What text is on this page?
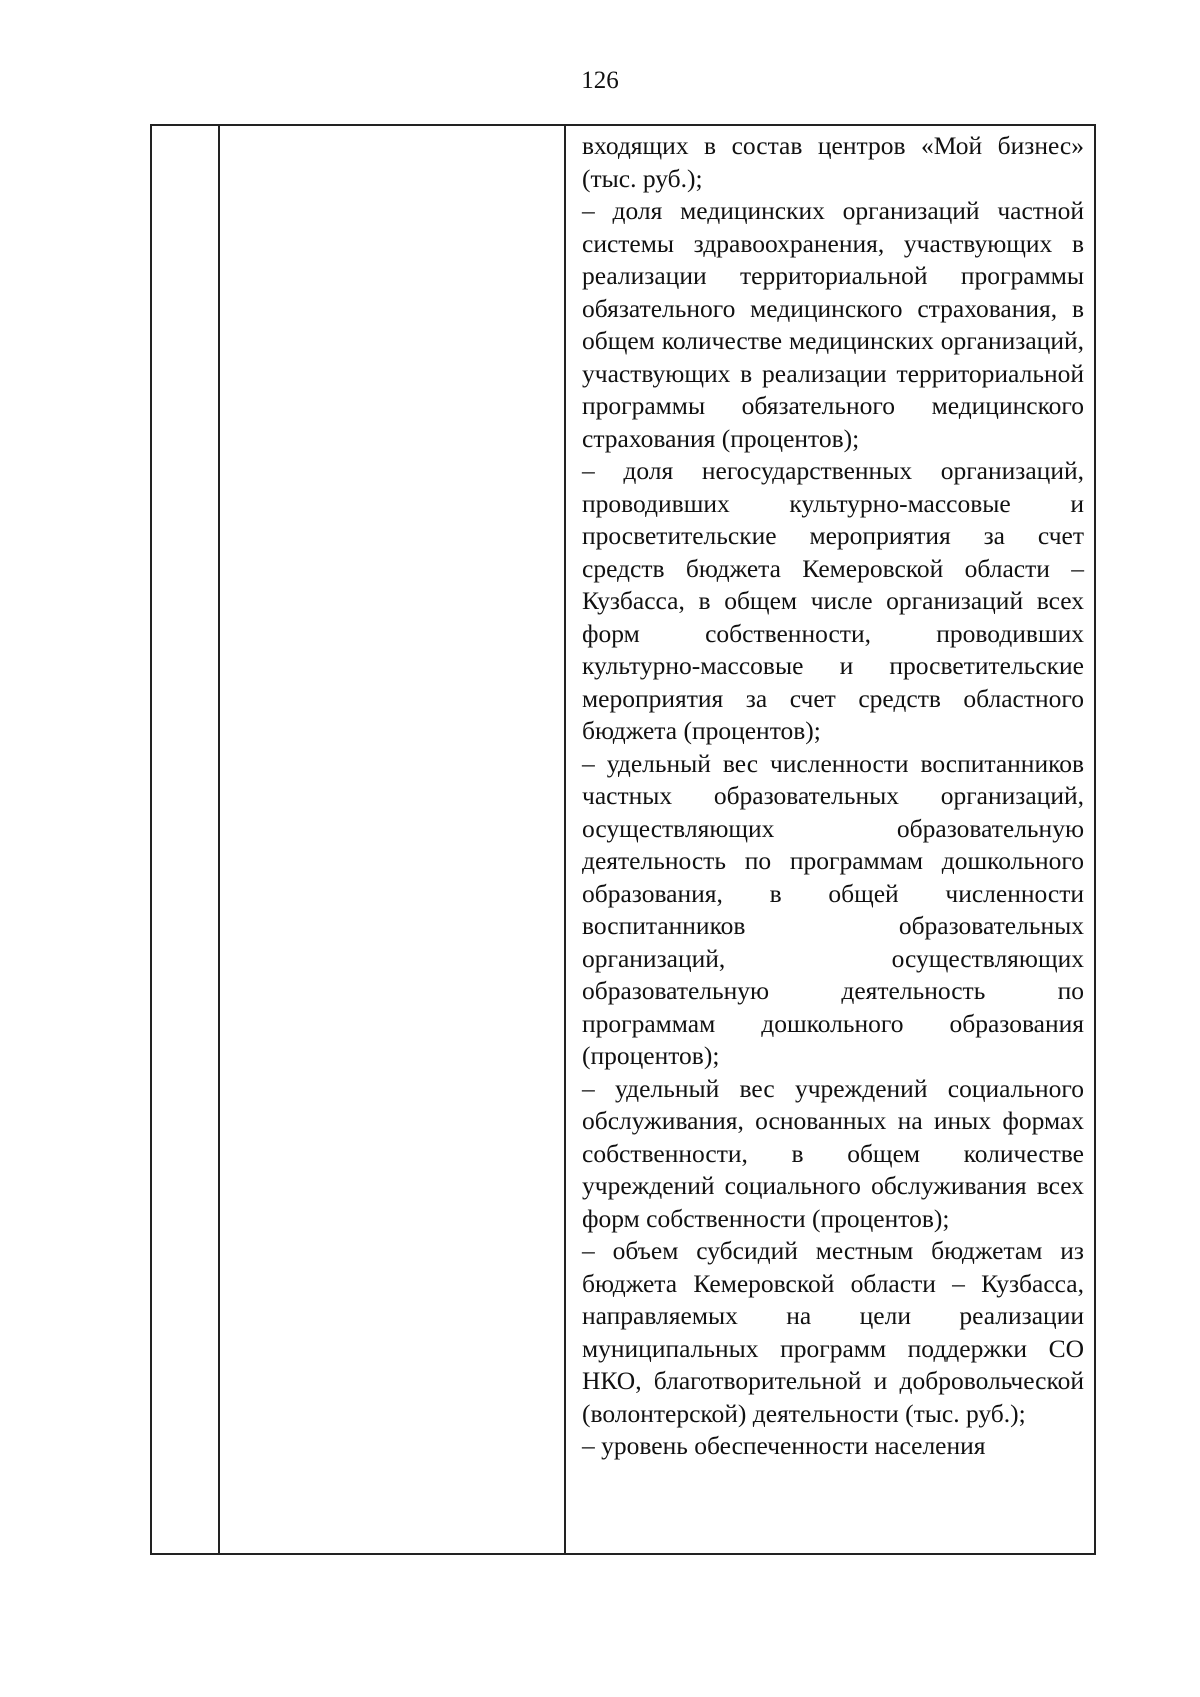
126

входящих в состав центров «Мой бизнес» (тыс. руб.);

– доля медицинских организаций частной системы здравоохранения, участвующих в реализации территориальной программы обязательного медицинского страхования, в общем количестве медицинских организаций, участвующих в реализации территориальной программы обязательного медицинского страхования (процентов);

– доля негосударственных организаций, проводивших культурно-массовые и просветительские мероприятия за счет средств бюджета Кемеровской области – Кузбасса, в общем числе организаций всех форм собственности, проводивших культурно-массовые и просветительские мероприятия за счет средств областного бюджета (процентов);

– удельный вес численности воспитанников частных образовательных организаций, осуществляющих образовательную деятельность по программам дошкольного образования, в общей численности воспитанников образовательных организаций, осуществляющих образовательную деятельность по программам дошкольного образования (процентов);

– удельный вес учреждений социального обслуживания, основанных на иных формах собственности, в общем количестве учреждений социального обслуживания всех форм собственности (процентов);

– объем субсидий местным бюджетам из бюджета Кемеровской области – Кузбасса, направляемых на цели реализации муниципальных программ поддержки СО НКО, благотворительной и добровольческой (волонтерской) деятельности (тыс. руб.);

– уровень обеспеченности населения
